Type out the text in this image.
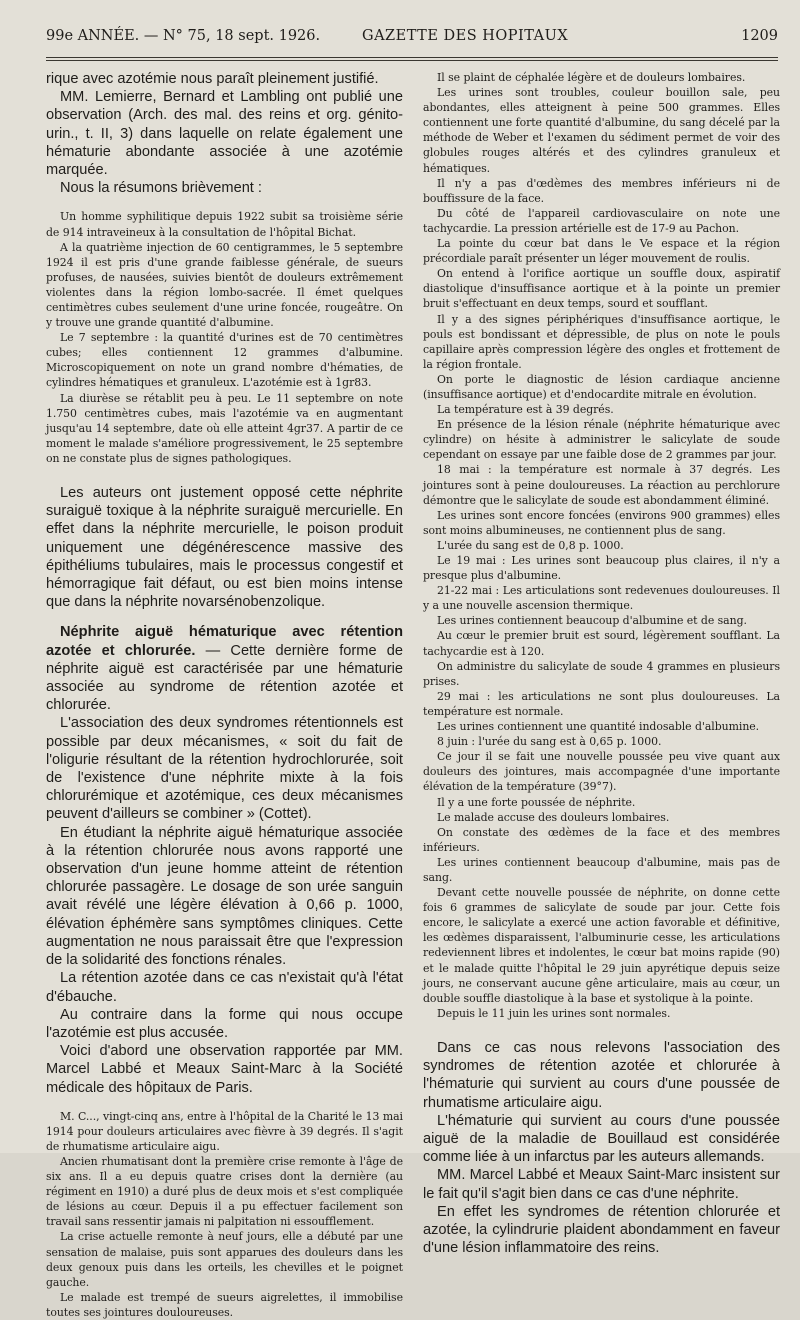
99e ANNÉE. — N° 75, 18 sept. 1926.	GAZETTE DES HOPITAUX	1209

rique avec azotémie nous paraît pleinement justifié.

MM. Lemierre, Bernard et Lambling ont publié une observation (Arch. des mal. des reins et org. génito-urin., t. II, 3) dans laquelle on relate également une hématurie abondante associée à une azotémie marquée.

Nous la résumons brièvement :

Un homme syphilitique depuis 1922 subit sa troisième série de 914 intraveineux à la consultation de l'hôpital Bichat.

A la quatrième injection de 60 centigrammes, le 5 septembre 1924 il est pris d'une grande faiblesse générale, de sueurs profuses, de nausées, suivies bientôt de douleurs extrêmement violentes dans la région lombo-sacrée. Il émet quelques centimètres cubes seulement d'une urine foncée, rougeâtre. On y trouve une grande quantité d'albumine.

Le 7 septembre : la quantité d'urines est de 70 centimètres cubes; elles contiennent 12 grammes d'albumine. Microscopiquement on note un grand nombre d'hématies, de cylindres hématiques et granuleux. L'azotémie est à 1gr83.

La diurèse se rétablit peu à peu. Le 11 septembre on note 1.750 centimètres cubes, mais l'azotémie va en augmentant jusqu'au 14 septembre, date où elle atteint 4gr37. A partir de ce moment le malade s'améliore progressivement, le 25 septembre on ne constate plus de signes pathologiques.

Les auteurs ont justement opposé cette néphrite suraiguë toxique à la néphrite suraiguë mercurielle. En effet dans la néphrite mercurielle, le poison produit uniquement une dégénérescence massive des épithéliums tubulaires, mais le processus congestif et hémorragique fait défaut, ou est bien moins intense que dans la néphrite novarsénobenzolique.

Néphrite aiguë hématurique avec rétention azotée et chlorurée. — Cette dernière forme de néphrite aiguë est caractérisée par une hématurie associée au syndrome de rétention azotée et chlorurée.

L'association des deux syndromes rétentionnels est possible par deux mécanismes, « soit du fait de l'oligurie résultant de la rétention hydrochlorurée, soit de l'existence d'une néphrite mixte à la fois chlorurémique et azotémique, ces deux mécanismes peuvent d'ailleurs se combiner » (Cottet).

En étudiant la néphrite aiguë hématurique associée à la rétention chlorurée nous avons rapporté une observation d'un jeune homme atteint de rétention chlorurée passagère. Le dosage de son urée sanguin avait révélé une légère élévation à 0,66 p. 1000, élévation éphémère sans symptômes cliniques. Cette augmentation ne nous paraissait être que l'expression de la solidarité des fonctions rénales.

La rétention azotée dans ce cas n'existait qu'à l'état d'ébauche.

Au contraire dans la forme qui nous occupe l'azotémie est plus accusée.

Voici d'abord une observation rapportée par MM. Marcel Labbé et Meaux Saint-Marc à la Société médicale des hôpitaux de Paris.

M. C..., vingt-cinq ans, entre à l'hôpital de la Charité le 13 mai 1914 pour douleurs articulaires avec fièvre à 39 degrés. Il s'agit de rhumatisme articulaire aigu.

Ancien rhumatisant dont la première crise remonte à l'âge de six ans. Il a eu depuis quatre crises dont la dernière (au régiment en 1910) a duré plus de deux mois et s'est compliquée de lésions au cœur. Depuis il a pu effectuer facilement son travail sans ressentir jamais ni palpitation ni essoufflement.

La crise actuelle remonte à neuf jours, elle a débuté par une sensation de malaise, puis sont apparues des douleurs dans les deux genoux puis dans les orteils, les chevilles et le poignet gauche.

Le malade est trempé de sueurs aigrelettes, il immobilise toutes ses jointures douloureuses.

Il se plaint de céphalée légère et de douleurs lombaires.

Les urines sont troubles, couleur bouillon sale, peu abondantes, elles atteignent à peine 500 grammes. Elles contiennent une forte quantité d'albumine, du sang décelé par la méthode de Weber et l'examen du sédiment permet de voir des globules rouges altérés et des cylindres granuleux et hématiques.

Il n'y a pas d'œdèmes des membres inférieurs ni de bouffissure de la face.

Du côté de l'appareil cardiovasculaire on note une tachycardie. La pression artérielle est de 17-9 au Pachon.

La pointe du cœur bat dans le Ve espace et la région précordiale paraît présenter un léger mouvement de roulis.

On entend à l'orifice aortique un souffle doux, aspiratif diastolique d'insuffisance aortique et à la pointe un premier bruit s'effectuant en deux temps, sourd et soufflant.

Il y a des signes périphériques d'insuffisance aortique, le pouls est bondissant et dépressible, de plus on note le pouls capillaire après compression légère des ongles et frottement de la région frontale.

On porte le diagnostic de lésion cardiaque ancienne (insuffisance aortique) et d'endocardite mitrale en évolution.

La température est à 39 degrés.

En présence de la lésion rénale (néphrite hématurique avec cylindre) on hésite à administrer le salicylate de soude cependant on essaye par une faible dose de 2 grammes par jour.

18 mai : la température est normale à 37 degrés. Les jointures sont à peine douloureuses. La réaction au perchlorure démontre que le salicylate de soude est abondamment éliminé.

Les urines sont encore foncées (environs 900 grammes) elles sont moins albumineuses, ne contiennent plus de sang.

L'urée du sang est de 0,8 p. 1000.

Le 19 mai : Les urines sont beaucoup plus claires, il n'y a presque plus d'albumine.

21-22 mai : Les articulations sont redevenues douloureuses. Il y a une nouvelle ascension thermique.

Les urines contiennent beaucoup d'albumine et de sang.

Au cœur le premier bruit est sourd, légèrement soufflant. La tachycardie est à 120.

On administre du salicylate de soude 4 grammes en plusieurs prises.

29 mai : les articulations ne sont plus douloureuses. La température est normale.

Les urines contiennent une quantité indosable d'albumine.

8 juin : l'urée du sang est à 0,65 p. 1000.

Ce jour il se fait une nouvelle poussée peu vive quant aux douleurs des jointures, mais accompagnée d'une importante élévation de la température (39°7).

Il y a une forte poussée de néphrite.

Le malade accuse des douleurs lombaires.

On constate des œdèmes de la face et des membres inférieurs.

Les urines contiennent beaucoup d'albumine, mais pas de sang.

Devant cette nouvelle poussée de néphrite, on donne cette fois 6 grammes de salicylate de soude par jour. Cette fois encore, le salicylate a exercé une action favorable et définitive, les œdèmes disparaissent, l'albuminurie cesse, les articulations redeviennent libres et indolentes, le cœur bat moins rapide (90) et le malade quitte l'hôpital le 29 juin apyrétique depuis seize jours, ne conservant aucune gêne articulaire, mais au cœur, un double souffle diastolique à la base et systolique à la pointe.

Depuis le 11 juin les urines sont normales.

Dans ce cas nous relevons l'association des syndromes de rétention azotée et chlorurée à l'hématurie qui survient au cours d'une poussée de rhumatisme articulaire aigu.

L'hématurie qui survient au cours d'une poussée aiguë de la maladie de Bouillaud est considérée comme liée à un infarctus par les auteurs allemands.

MM. Marcel Labbé et Meaux Saint-Marc insistent sur le fait qu'il s'agit bien dans ce cas d'une néphrite.

En effet les syndromes de rétention chlorurée et azotée, la cylindrurie plaident abondamment en faveur d'une lésion inflammatoire des reins.
